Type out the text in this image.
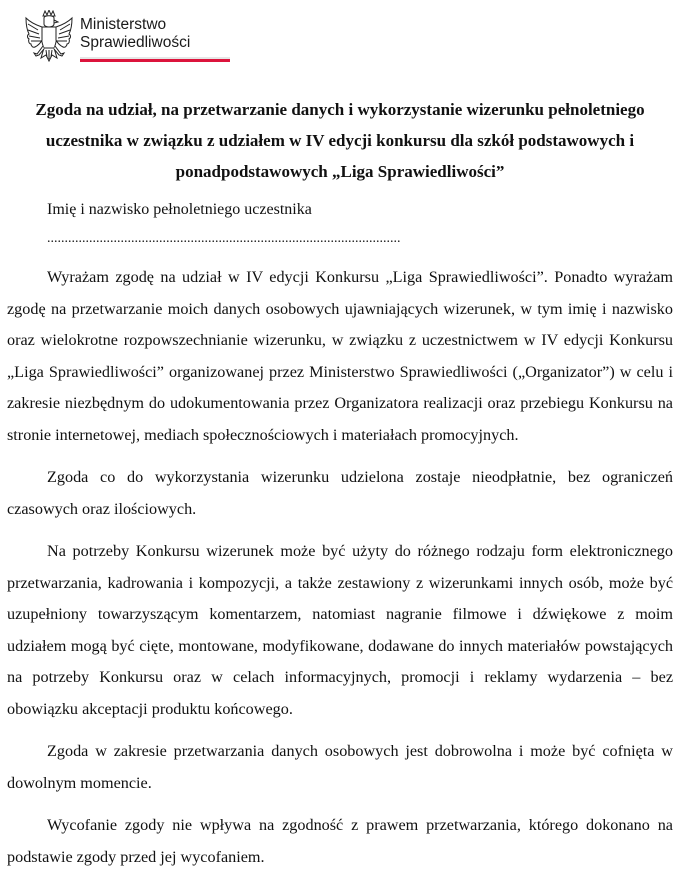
Ministerstwo
Sprawiedliwości
Zgoda na udział, na przetwarzanie danych i wykorzystanie wizerunku pełnoletniego uczestnika w związku z udziałem w IV edycji konkursu dla szkół podstawowych i ponadpodstawowych „Liga Sprawiedliwości”
Imię i nazwisko pełnoletniego uczestnika
.....................................................................................................

Wyrażam zgodę na udział w IV edycji Konkursu „Liga Sprawiedliwości”. Ponadto wyrażam zgodę na przetwarzanie moich danych osobowych ujawniających wizerunek, w tym imię i nazwisko oraz wielokrotne rozpowszechnianie wizerunku, w związku z uczestnictwem w IV edycji Konkursu „Liga Sprawiedliwości” organizowanej przez Ministerstwo Sprawiedliwości („Organizator”) w celu i zakresie niezbędnym do udokumentowania przez Organizatora realizacji oraz przebiegu Konkursu na stronie internetowej, mediach społecznościowych i materiałach promocyjnych.

Zgoda co do wykorzystania wizerunku udzielona zostaje nieodpłatnie, bez ograniczeń czasowych oraz ilościowych.

Na potrzeby Konkursu wizerunek może być użyty do różnego rodzaju form elektronicznego przetwarzania, kadrowania i kompozycji, a także zestawiony z wizerunkami innych osób, może być uzupełniony towarzyszącym komentarzem, natomiast nagranie filmowe i dźwiękowe z moim udziałem mogą być cięte, montowane, modyfikowane, dodawane do innych materiałów powstających na potrzeby Konkursu oraz w celach informacyjnych, promocji i reklamy wydarzenia – bez obowiązku akceptacji produktu końcowego.

Zgoda w zakresie przetwarzania danych osobowych jest dobrowolna i może być cofnięta w dowolnym momencie.

Wycofanie zgody nie wpływa na zgodność z prawem przetwarzania, którego dokonano na podstawie zgody przed jej wycofaniem.
